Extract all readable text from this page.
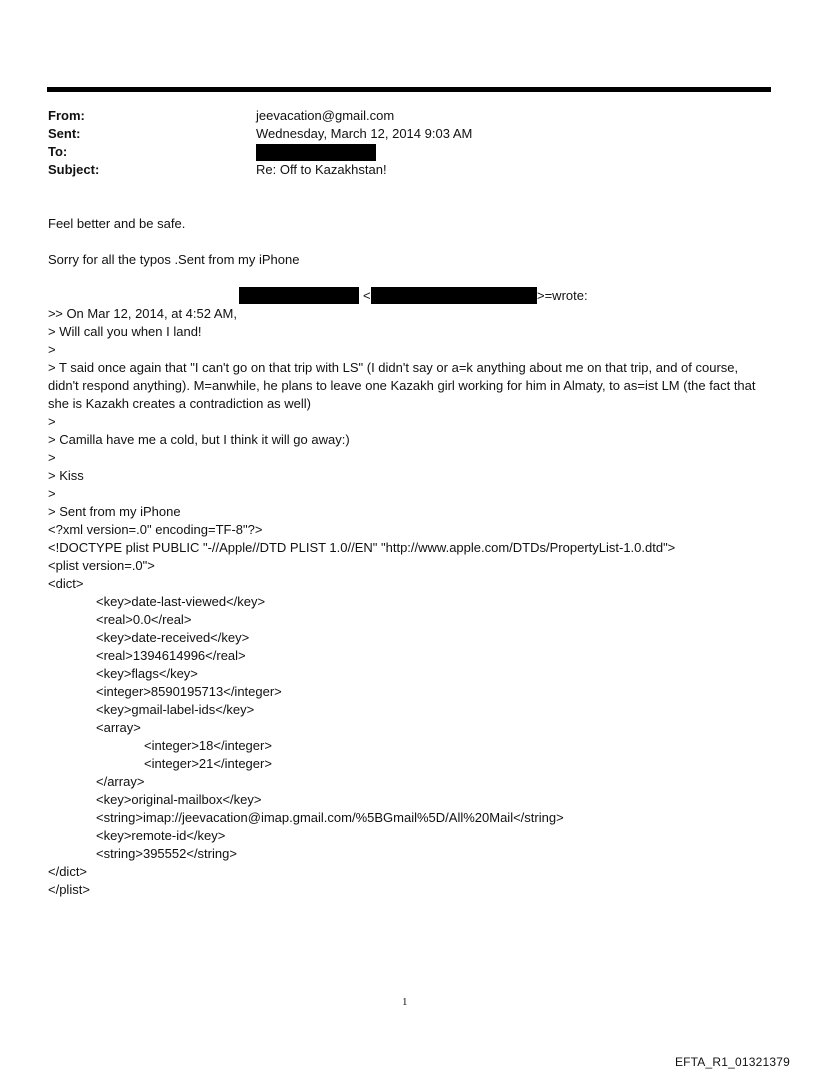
From:	jeevacation@gmail.com
Sent:	Wednesday, March 12, 2014 9:03 AM
To:
Subject:	Re: Off to Kazakhstan!
Feel better and be safe.
Sorry for all the typos .Sent from my iPhone

> On Mar 12, 2014, at 4:52 AM,

<	>=wrote:
>
> Will call you when I land!
>
> T said once again that "I can't go on that trip with LS" (I didn't say or a=k anything about me on that trip, and of course, didn't respond anything). M=anwhile, he plans to leave one Kazakh girl working for him in Almaty, to as=ist LM (the fact that she is Kazakh creates a contradiction as well)
>
> Camilla have me a cold, but I think it will go away:)
>
> Kiss
>
> Sent from my iPhone
<?xml version=.0" encoding=TF-8"?>
<!DOCTYPE plist PUBLIC "-//Apple//DTD PLIST 1.0//EN" "http://www.apple.com/DTDs/PropertyList-1.0.dtd">
<plist version=.0">
<dict>
<key>date-last-viewed</key>
<real>0.0</real>
<key>date-received</key>
<real>1394614996</real>
<key>flags</key>
<integer>8590195713</integer>
<key>gmail-label-ids</key>
<array>
<integer>18</integer>
<integer>21</integer>
</array>
<key>original-mailbox</key>
<string>imap://jeevacation@imap.gmail.com/%5BGmail%5D/All%20Mail</string>
<key>remote-id</key>
<string>395552</string>
</dict>
</plist>
1
EFTA_R1_01321379
